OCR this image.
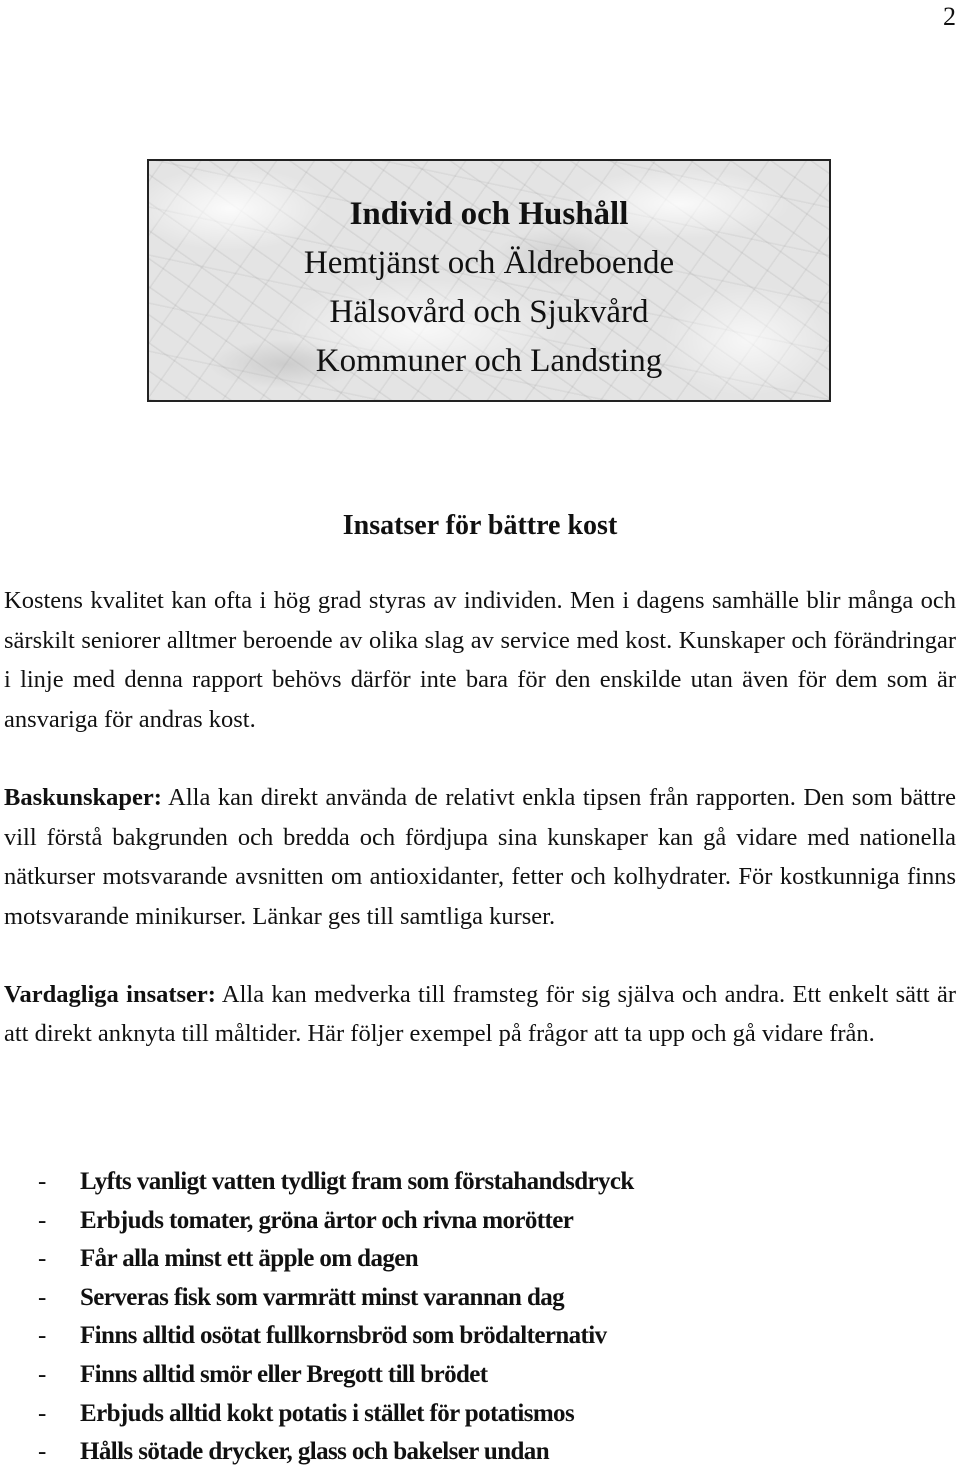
2
Individ och Hushåll
Hemtjänst och Äldreboende
Hälsovård och Sjukvård
Kommuner och Landsting
Insatser för bättre kost

Kostens kvalitet kan ofta i hög grad styras av individen. Men i dagens samhälle blir många och särskilt seniorer alltmer beroende av olika slag av service med kost. Kunskaper och förändringar i linje med denna rapport behövs därför inte bara för den enskilde utan även för dem som är ansvariga för andras kost.

Baskunskaper: Alla kan direkt använda de relativt enkla tipsen från rapporten. Den som bättre vill förstå bakgrunden och bredda och fördjupa sina kunskaper kan gå vidare med nationella nätkurser motsvarande avsnitten om antioxidanter, fetter och kolhydrater. För kostkunniga finns motsvarande minikurser. Länkar ges till samtliga kurser.

Vardagliga insatser: Alla kan medverka till framsteg för sig själva och andra. Ett enkelt sätt är att direkt anknyta till måltider. Här följer exempel på frågor att ta upp och gå vidare från.

-	Lyfts vanligt vatten tydligt fram som förstahandsdryck
-	Erbjuds tomater, gröna ärtor och rivna morötter
-	Får alla minst ett äpple om dagen
-	Serveras fisk som varmrätt minst varannan dag
-	Finns alltid osötat fullkornsbröd som brödalternativ
-	Finns alltid smör eller Bregott till brödet
-	Erbjuds alltid kokt potatis i stället för potatismos
-	Hålls sötade drycker, glass och bakelser undan
